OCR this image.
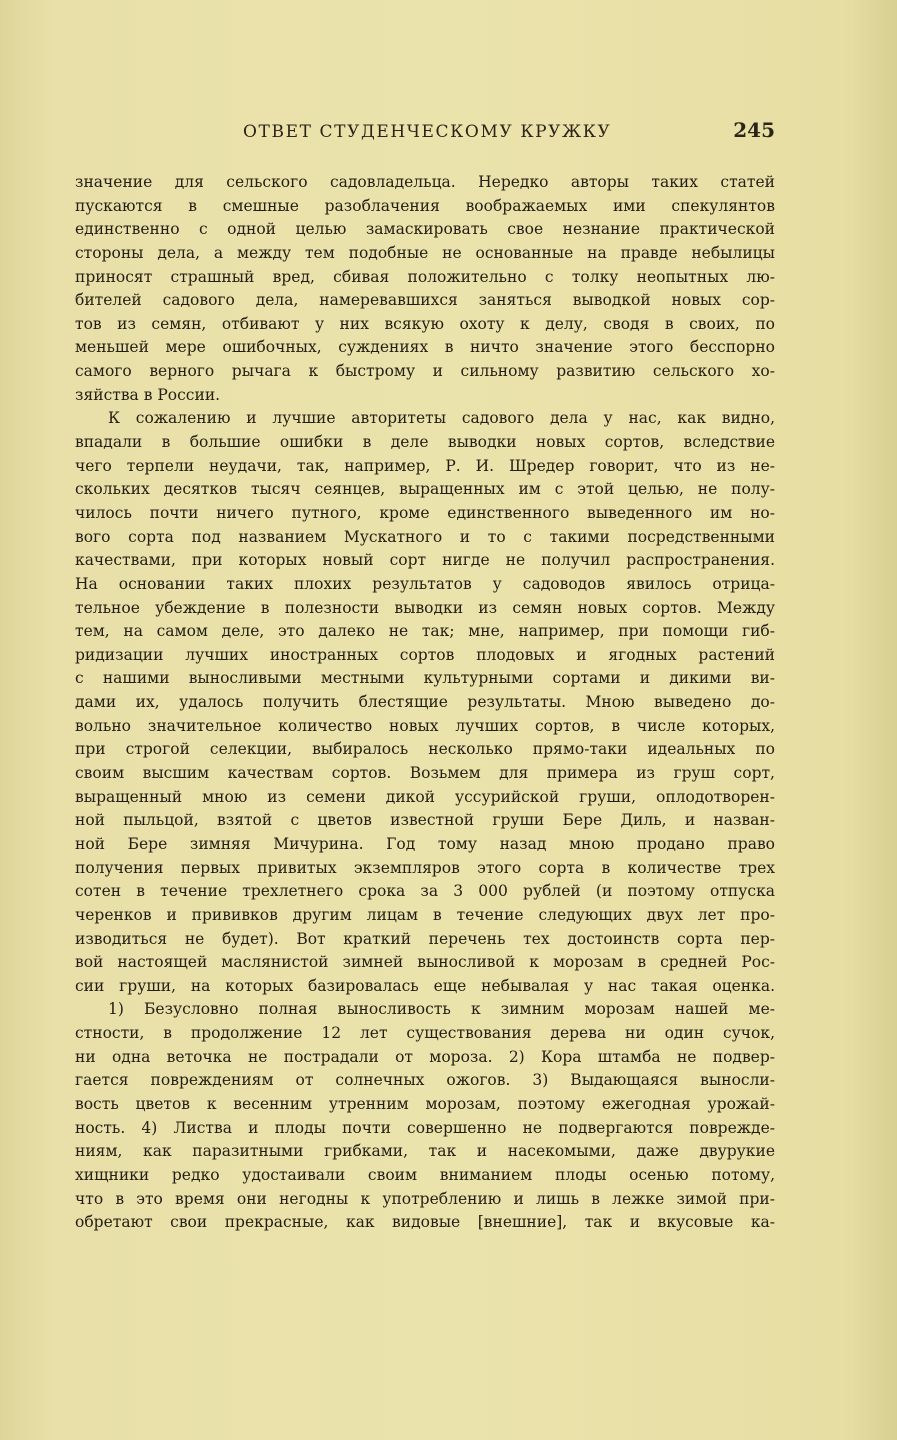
ОТВЕТ СТУДЕНЧЕСКОМУ КРУЖКУ	245
значение для сельского садовладельца. Нередко авторы таких статей
пускаются в смешные разоблачения воображаемых ими спекулянтов
единственно с одной целью замаскировать свое незнание практической
стороны дела, а между тем подобные не основанные на правде небылицы
приносят страшный вред, сбивая положительно с толку неопытных лю-
бителей садового дела, намеревавшихся заняться выводкой новых сор-
тов из семян, отбивают у них всякую охоту к делу, сводя в своих, по
меньшей мере ошибочных, суждениях в ничто значение этого бесспорно
самого верного рычага к быстрому и сильному развитию сельского хо-
зяйства в России.
К сожалению и лучшие авторитеты садового дела у нас, как видно,
впадали в большие ошибки в деле выводки новых сортов, вследствие
чего терпели неудачи, так, например, Р. И. Шредер говорит, что из не-
скольких десятков тысяч сеянцев, выращенных им с этой целью, не полу-
чилось почти ничего путного, кроме единственного выведенного им но-
вого сорта под названием Мускатного и то с такими посредственными
качествами, при которых новый сорт нигде не получил распространения.
На основании таких плохих результатов у садоводов явилось отрица-
тельное убеждение в полезности выводки из семян новых сортов. Между
тем, на самом деле, это далеко не так; мне, например, при помощи гиб-
ридизации лучших иностранных сортов плодовых и ягодных растений
с нашими выносливыми местными культурными сортами и дикими ви-
дами их, удалось получить блестящие результаты. Мною выведено до-
вольно значительное количество новых лучших сортов, в числе которых,
при строгой селекции, выбиралось несколько прямо-таки идеальных по
своим высшим качествам сортов. Возьмем для примера из груш сорт,
выращенный мною из семени дикой уссурийской груши, оплодотворен-
ной пыльцой, взятой с цветов известной груши Бере Диль, и назван-
ной Бере зимняя Мичурина. Год тому назад мною продано право
получения первых привитых экземпляров этого сорта в количестве трех
сотен в течение трехлетнего срока за 3 000 рублей (и поэтому отпуска
черенков и прививков другим лицам в течение следующих двух лет про-
изводиться не будет). Вот краткий перечень тех достоинств сорта пер-
вой настоящей маслянистой зимней выносливой к морозам в средней Рос-
сии груши, на которых базировалась еще небывалая у нас такая оценка.
1) Безусловно полная выносливость к зимним морозам нашей ме-
стности, в продолжение 12 лет существования дерева ни один сучок,
ни одна веточка не пострадали от мороза. 2) Кора штамба не подвер-
гается повреждениям от солнечных ожогов. 3) Выдающаяся выносли-
вость цветов к весенним утренним морозам, поэтому ежегодная урожай-
ность. 4) Листва и плоды почти совершенно не подвергаются поврежде-
ниям, как паразитными грибками, так и насекомыми, даже двурукие
хищники редко удостаивали своим вниманием плоды осенью потому,
что в это время они негодны к употреблению и лишь в лежке зимой при-
обретают свои прекрасные, как видовые [внешние], так и вкусовые ка-
